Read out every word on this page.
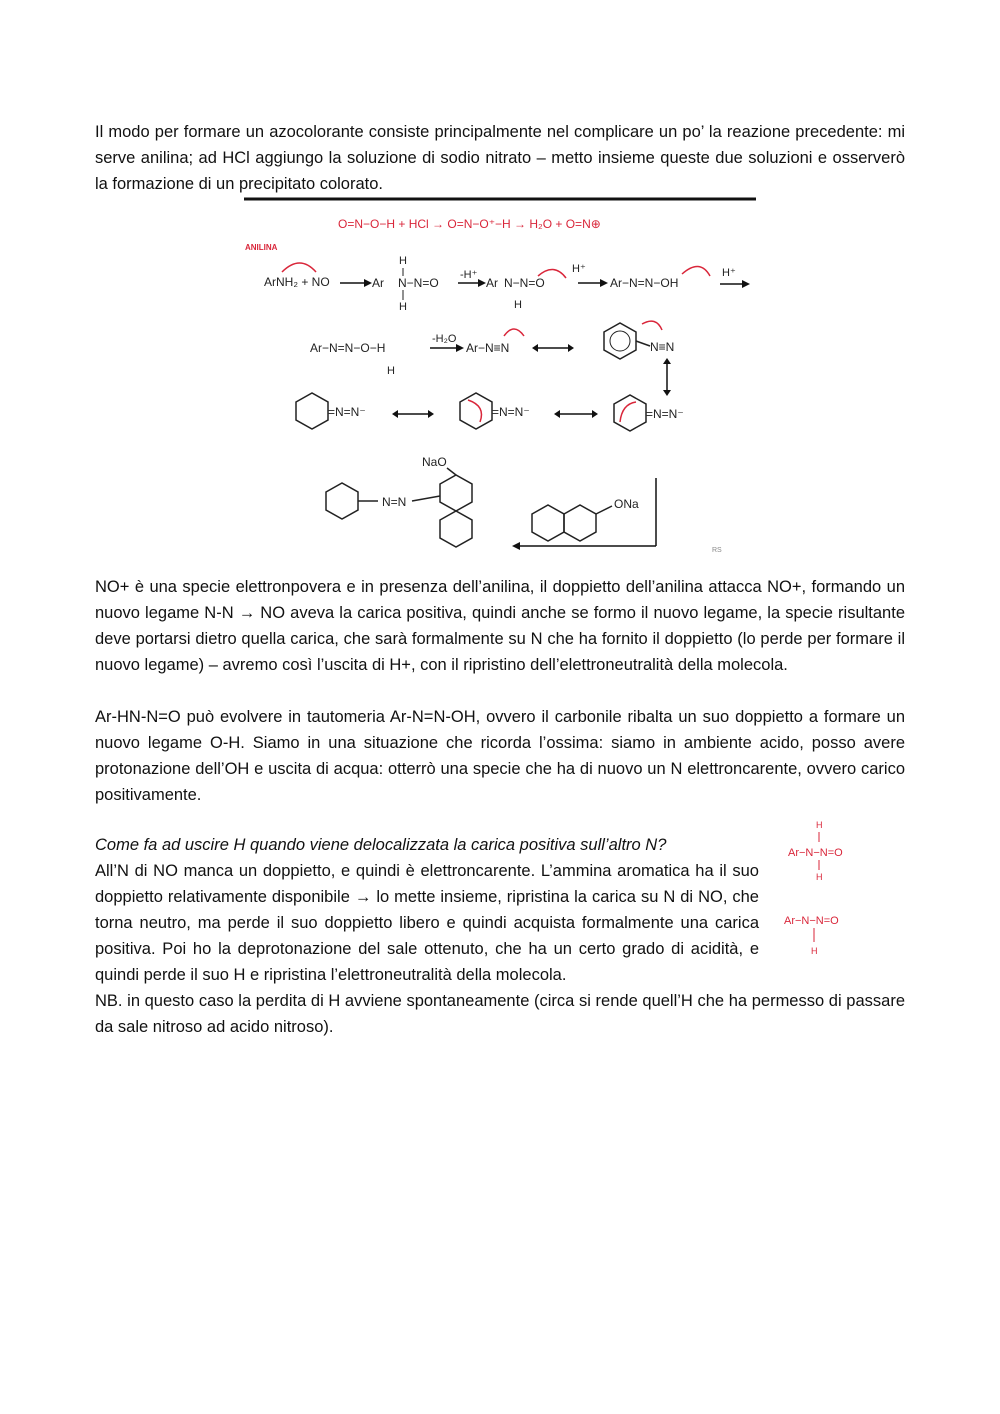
Il modo per formare un azocolorante consiste principalmente nel complicare un po’ la reazione precedente: mi serve anilina; ad HCl aggiungo la soluzione di sodio nitrato – metto insieme queste due soluzioni e osserverò la formazione di un precipitato colorato.

O=N−O−H + HCl → O=N−O⁺−H → H₂O + O=N⊕
ANILINA
ArNH₂ + NO	Ar N−N=O
H
H
-H⁺
Ar N−N=O
H
H⁺
Ar−N=N−OH
H⁺
Ar−N=N−O−H
H
-H₂O
Ar−N≡N	N≡N
=N=N⁻	=N=N⁻	=N=N⁻
NaO
N=N	ONa
RS

NO+ è una specie elettronpovera e in presenza dell’anilina, il doppietto dell’anilina attacca NO+, formando un nuovo legame N-N → NO aveva la carica positiva, quindi anche se formo il nuovo legame, la specie risultante deve portarsi dietro quella carica, che sarà formalmente su N che ha fornito il doppietto (lo perde per formare il nuovo legame) – avremo così l’uscita di H+, con il ripristino dell’elettroneutralità della molecola.

Ar-HN-N=O può evolvere in tautomeria Ar-N=N-OH, ovvero il carbonile ribalta un suo doppietto a formare un nuovo legame O-H. Siamo in una situazione che ricorda l’ossima: siamo in ambiente acido, posso avere protonazione dell’OH e uscita di acqua: otterrò una specie che ha di nuovo un N elettroncarente, ovvero carico positivamente.

Come fa ad uscire H quando viene delocalizzata la carica positiva sull’altro N?

All’N di NO manca un doppietto, e quindi è elettroncarente. L’ammina aromatica ha il suo doppietto relativamente disponibile → lo mette insieme, ripristina la carica su N di NO, che torna neutro, ma perde il suo doppietto libero e quindi acquista formalmente una carica positiva. Poi ho la deprotonazione del sale ottenuto, che ha un certo grado di acidità, e quindi perde il suo H e ripristina l’elettroneutralità della molecola.

NB. in questo caso la perdita di H avviene spontaneamente (circa si rende quell’H che ha permesso di passare da sale nitroso ad acido nitroso).

H
Ar−N−N=O
H
Ar−N−N=O
H
